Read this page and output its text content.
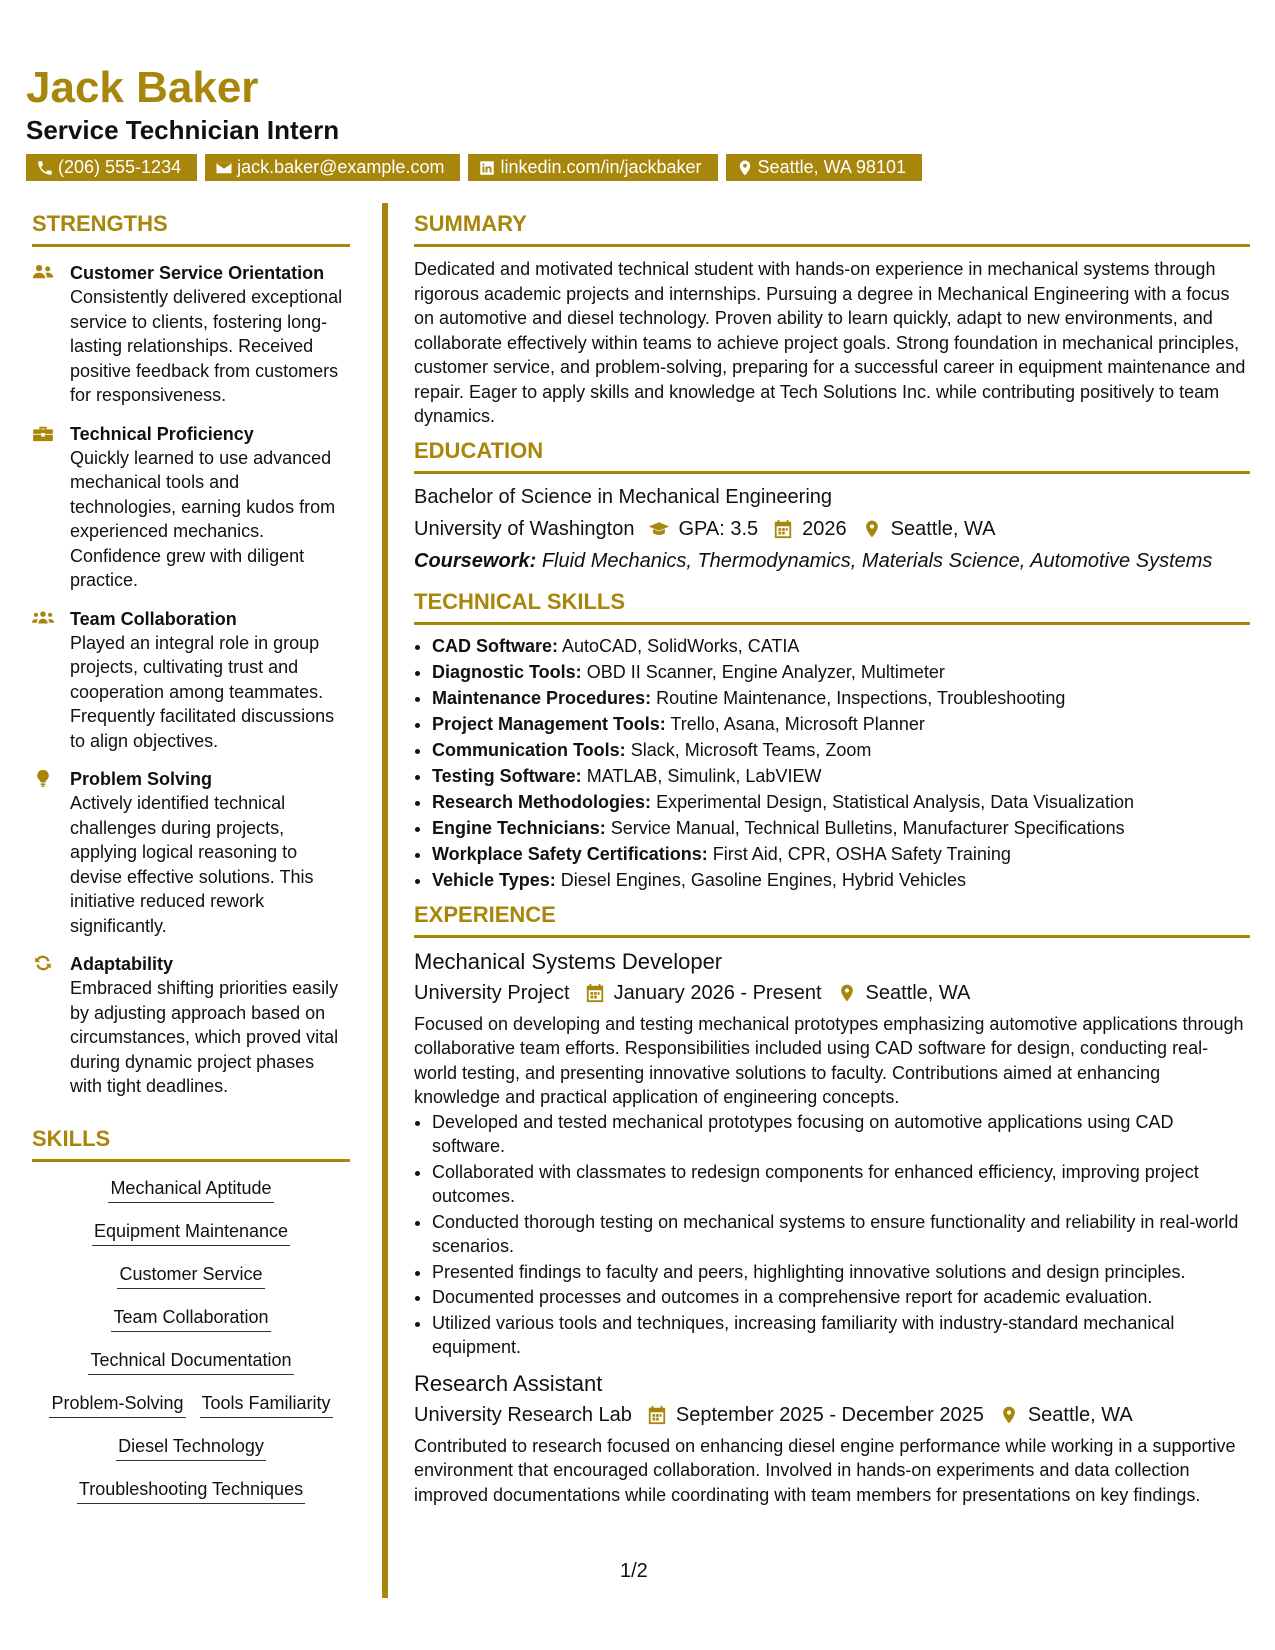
Jack Baker
Service Technician Intern
(206) 555-1234	jack.baker@example.com	linkedin.com/in/jackbaker	Seattle, WA 98101
STRENGTHS
Customer Service Orientation
Consistently delivered exceptional service to clients, fostering long-lasting relationships. Received positive feedback from customers for responsiveness.
Technical Proficiency
Quickly learned to use advanced mechanical tools and technologies, earning kudos from experienced mechanics. Confidence grew with diligent practice.
Team Collaboration
Played an integral role in group projects, cultivating trust and cooperation among teammates. Frequently facilitated discussions to align objectives.
Problem Solving
Actively identified technical challenges during projects, applying logical reasoning to devise effective solutions. This initiative reduced rework significantly.
Adaptability
Embraced shifting priorities easily by adjusting approach based on circumstances, which proved vital during dynamic project phases with tight deadlines.
SKILLS
Mechanical Aptitude
Equipment Maintenance
Customer Service
Team Collaboration
Technical Documentation
Problem-Solving Tools Familiarity
Diesel Technology
Troubleshooting Techniques
SUMMARY

Dedicated and motivated technical student with hands-on experience in mechanical systems through rigorous academic projects and internships. Pursuing a degree in Mechanical Engineering with a focus on automotive and diesel technology. Proven ability to learn quickly, adapt to new environments, and collaborate effectively within teams to achieve project goals. Strong foundation in mechanical principles, customer service, and problem-solving, preparing for a successful career in equipment maintenance and repair. Eager to apply skills and knowledge at Tech Solutions Inc. while contributing positively to team dynamics.

EDUCATION
Bachelor of Science in Mechanical Engineering
University of Washington GPA: 3.5 2026 Seattle, WA
Coursework: Fluid Mechanics, Thermodynamics, Materials Science, Automotive Systems
TECHNICAL SKILLS
• CAD Software: AutoCAD, SolidWorks, CATIA
• Diagnostic Tools: OBD II Scanner, Engine Analyzer, Multimeter
• Maintenance Procedures: Routine Maintenance, Inspections, Troubleshooting
• Project Management Tools: Trello, Asana, Microsoft Planner
• Communication Tools: Slack, Microsoft Teams, Zoom
• Testing Software: MATLAB, Simulink, LabVIEW
• Research Methodologies: Experimental Design, Statistical Analysis, Data Visualization
• Engine Technicians: Service Manual, Technical Bulletins, Manufacturer Specifications
• Workplace Safety Certifications: First Aid, CPR, OSHA Safety Training
• Vehicle Types: Diesel Engines, Gasoline Engines, Hybrid Vehicles
EXPERIENCE
Mechanical Systems Developer
University Project January 2026 - Present Seattle, WA

Focused on developing and testing mechanical prototypes emphasizing automotive applications through collaborative team efforts. Responsibilities included using CAD software for design, conducting real-world testing, and presenting innovative solutions to faculty. Contributions aimed at enhancing knowledge and practical application of engineering concepts.

• Developed and tested mechanical prototypes focusing on automotive applications using CAD software.
• Collaborated with classmates to redesign components for enhanced efficiency, improving project outcomes.
• Conducted thorough testing on mechanical systems to ensure functionality and reliability in real-world scenarios.
• Presented findings to faculty and peers, highlighting innovative solutions and design principles.
• Documented processes and outcomes in a comprehensive report for academic evaluation.
• Utilized various tools and techniques, increasing familiarity with industry-standard mechanical equipment.
Research Assistant
University Research Lab September 2025 - December 2025 Seattle, WA

Contributed to research focused on enhancing diesel engine performance while working in a supportive environment that encouraged collaboration. Involved in hands-on experiments and data collection improved documentations while coordinating with team members for presentations on key findings.

1/2
